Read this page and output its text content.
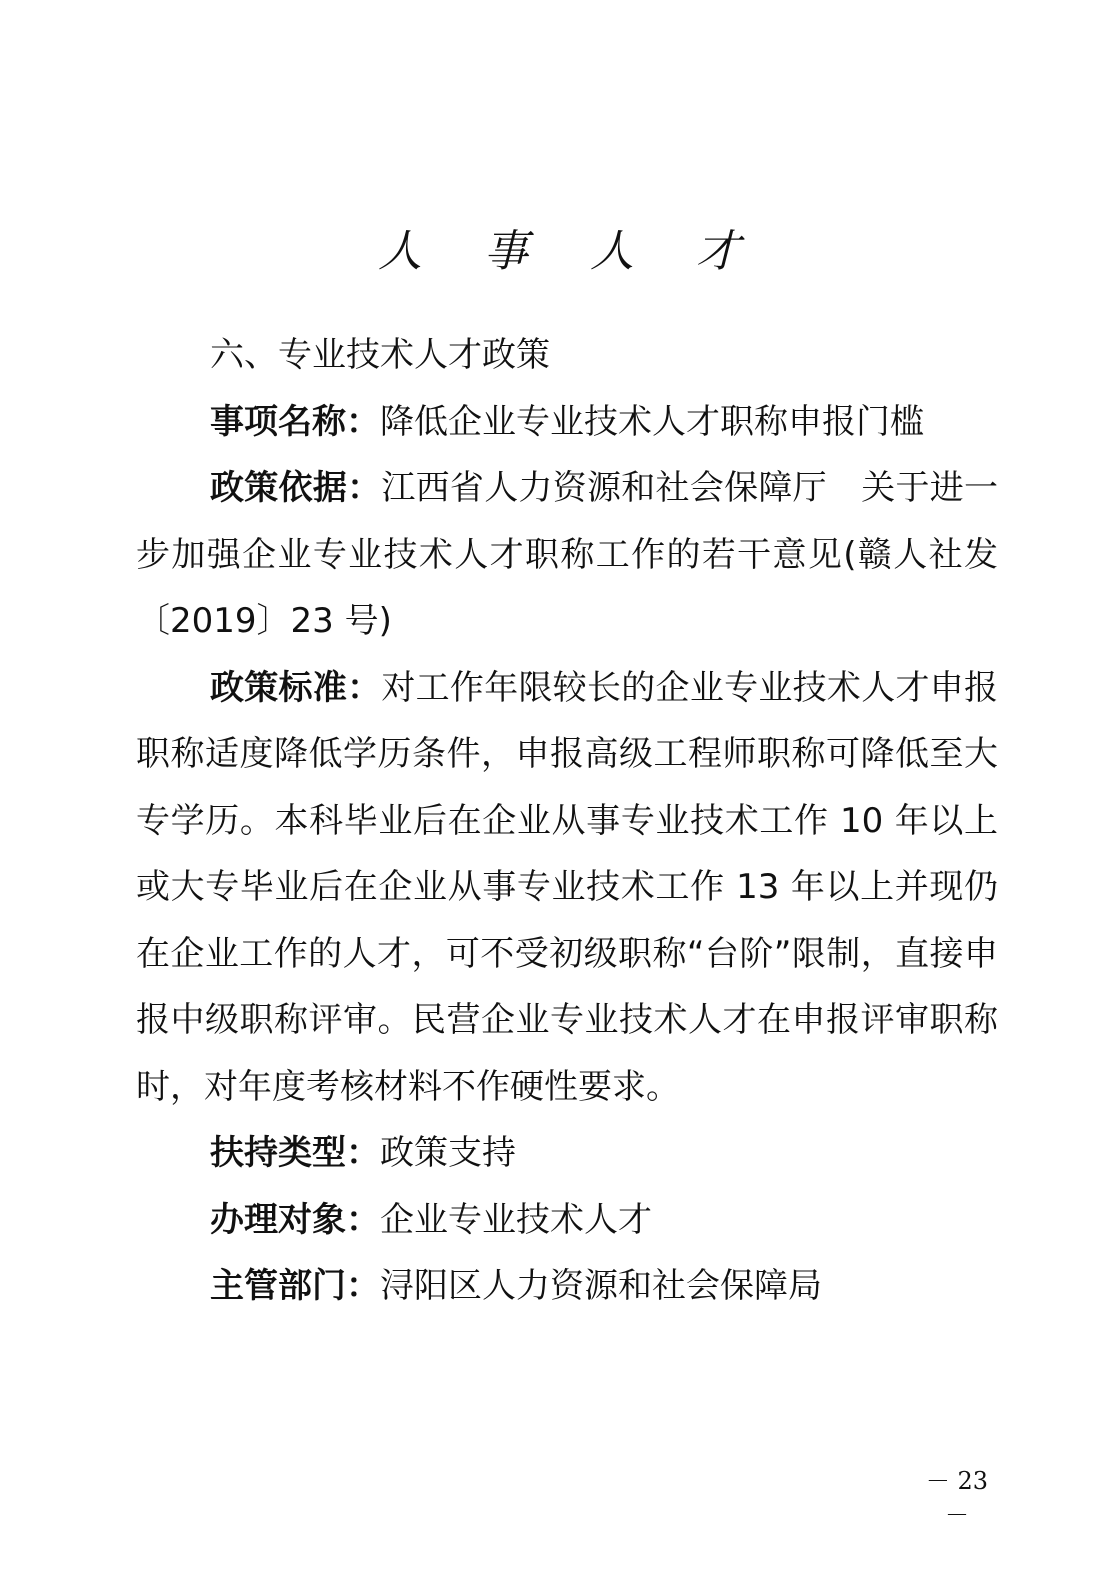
人 事 人 才

六、专业技术人才政策

事项名称：降低企业专业技术人才职称申报门槛

政策依据：江西省人力资源和社会保障厅　关于进一步加强企业专业技术人才职称工作的若干意见(赣人社发〔2019〕23 号)

政策标准：对工作年限较长的企业专业技术人才申报职称适度降低学历条件，申报高级工程师职称可降低至大专学历。本科毕业后在企业从事专业技术工作 10 年以上或大专毕业后在企业从事专业技术工作 13 年以上并现仍在企业工作的人才，可不受初级职称“台阶”限制，直接申报中级职称评审。民营企业专业技术人才在申报评审职称时，对年度考核材料不作硬性要求。

扶持类型：政策支持

办理对象：企业专业技术人才

主管部门：浔阳区人力资源和社会保障局

－ 23 －
